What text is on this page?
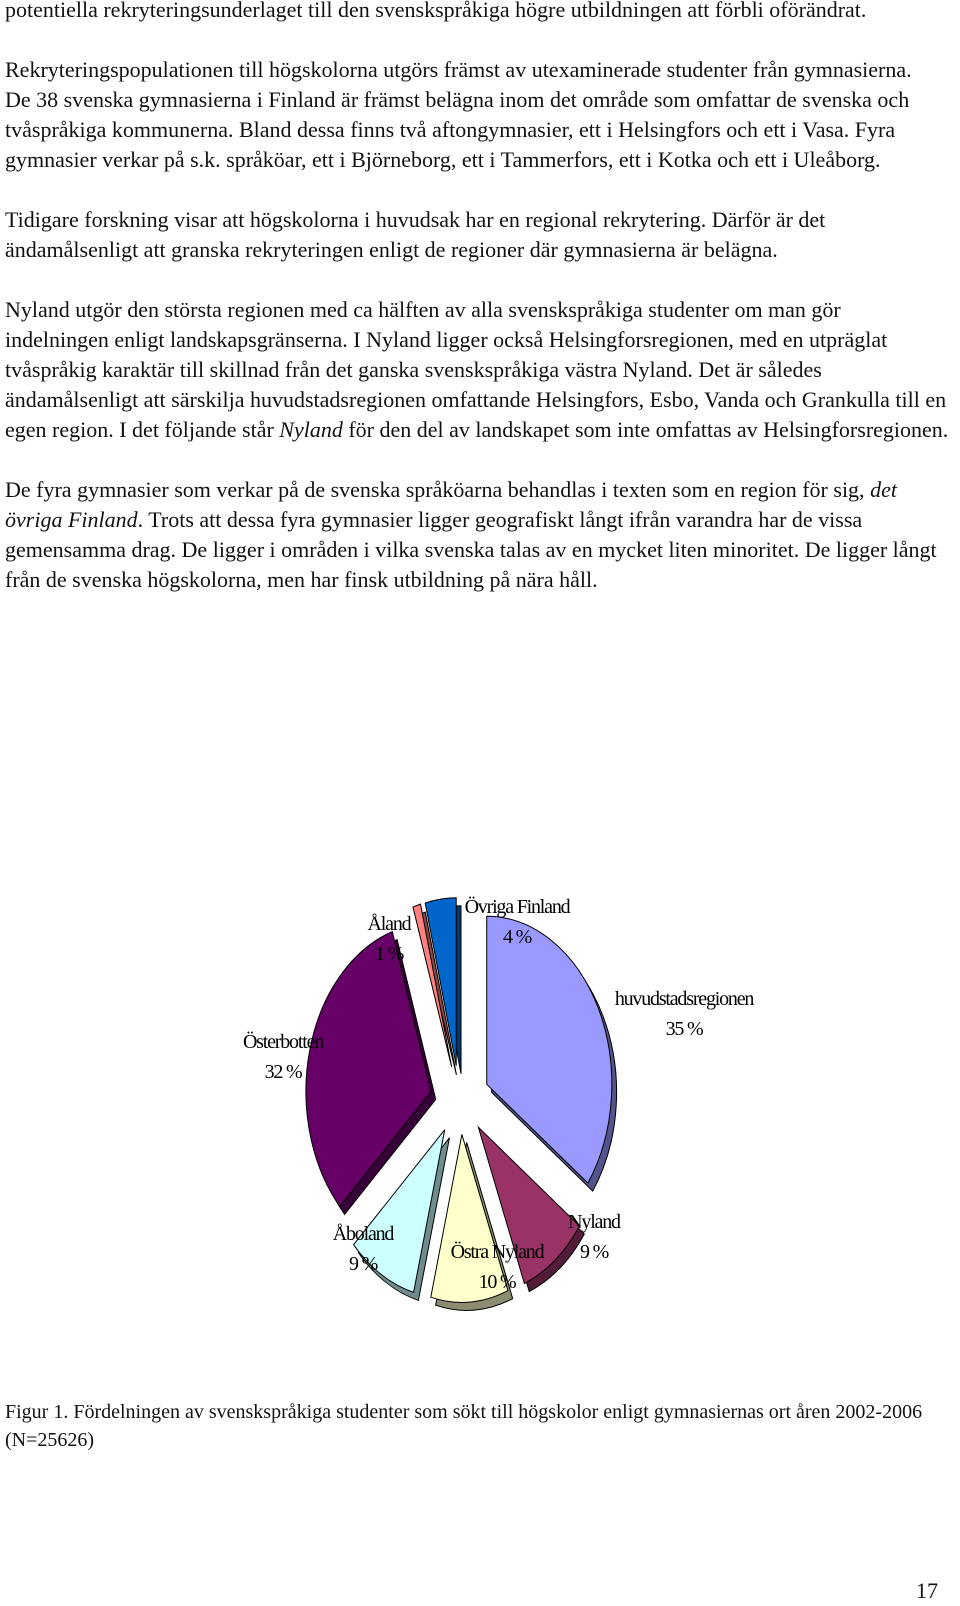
potentiella rekryteringsunderlaget till den svenskspråkiga högre utbildningen att förbli oförändrat.

Rekryteringspopulationen till högskolorna utgörs främst av utexaminerade studenter från gymnasierna.

De 38 svenska gymnasierna i Finland är främst belägna inom det område som omfattar de svenska och tvåspråkiga kommunerna. Bland dessa finns två aftongymnasier, ett i Helsingfors och ett i Vasa. Fyra gymnasier verkar på s.k. språköar, ett i Björneborg, ett i Tammerfors, ett i Kotka och ett i Uleåborg.

Tidigare forskning visar att högskolorna i huvudsak har en regional rekrytering. Därför är det ändamålsenligt att granska rekryteringen enligt de regioner där gymnasierna är belägna.

Nyland utgör den största regionen med ca hälften av alla svenskspråkiga studenter om man gör indelningen enligt landskapsgränserna. I Nyland ligger också Helsingforsregionen, med en utpräglat tvåspråkig karaktär till skillnad från det ganska svenskspråkiga västra Nyland. Det är således ändamålsenligt att särskilja huvudstadsregionen omfattande Helsingfors, Esbo, Vanda och Grankulla till en egen region. I det följande står Nyland för den del av landskapet som inte omfattas av Helsingforsregionen.

De fyra gymnasier som verkar på de svenska språköarna behandlas i texten som en region för sig, det övriga Finland. Trots att dessa fyra gymnasier ligger geografiskt långt ifrån varandra har de vissa gemensamma drag. De ligger i områden i vilka svenska talas av en mycket liten minoritet. De ligger långt från de svenska högskolorna, men har finsk utbildning på nära håll.

huvudstadsregionen
35 %
Nyland
9 %
Östra Nyland
10 %
Åboland
9 %
Österbotten
32 %
Åland
1 %
Övriga Finland
4 %
Figur 1. Fördelningen av svenskspråkiga studenter som sökt till högskolor enligt gymnasiernas ort åren 2002-2006 (N=25626)
17
